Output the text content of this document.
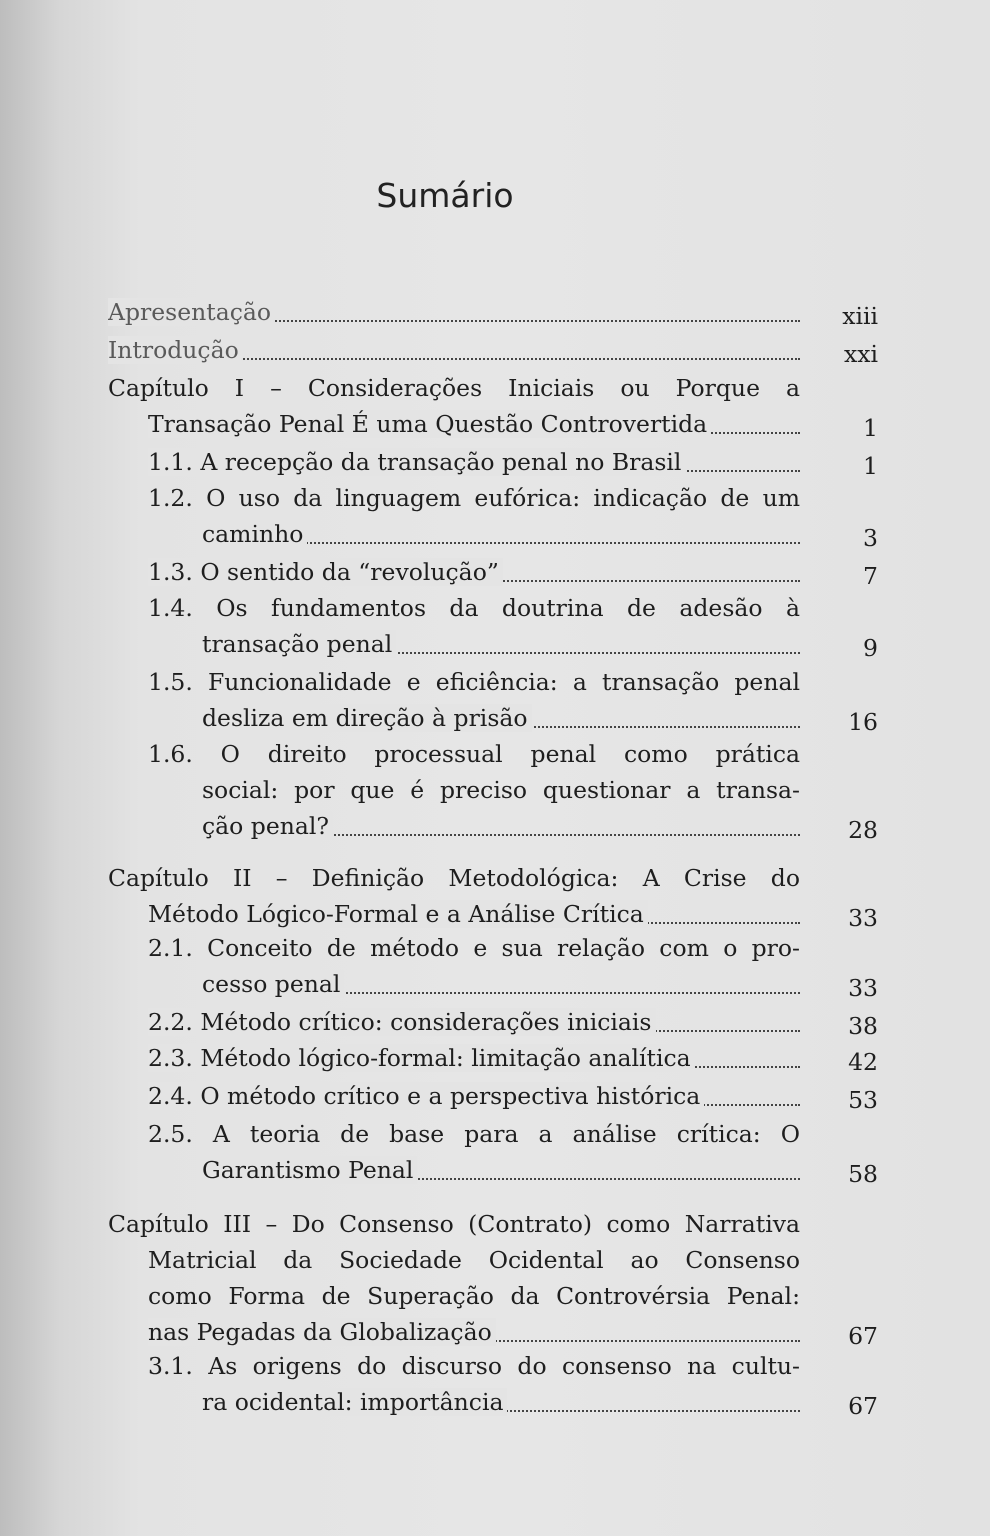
Sumário
Apresentação	xiii
Introdução	xxi
Capítulo I – Considerações Iniciais ou Porque a
Transação Penal É uma Questão Controvertida	1
1.1. A recepção da transação penal no Brasil	1
1.2. O uso da linguagem eufórica: indicação de um
caminho	3
1.3. O sentido da “revolução”	7
1.4. Os fundamentos da doutrina de adesão à
transação penal	9
1.5. Funcionalidade e eficiência: a transação penal
desliza em direção à prisão	16
1.6. O direito processual penal como prática
social: por que é preciso questionar a transa-
ção penal?	28
Capítulo II – Definição Metodológica: A Crise do
Método Lógico-Formal e a Análise Crítica	33
2.1. Conceito de método e sua relação com o pro-
cesso penal	33
2.2. Método crítico: considerações iniciais	38
2.3. Método lógico-formal: limitação analítica	42
2.4. O método crítico e a perspectiva histórica	53
2.5. A teoria de base para a análise crítica: O
Garantismo Penal	58
Capítulo III – Do Consenso (Contrato) como Narrativa
Matricial da Sociedade Ocidental ao Consenso
como Forma de Superação da Controvérsia Penal:
nas Pegadas da Globalização	67
3.1. As origens do discurso do consenso na cultu-
ra ocidental: importância	67
